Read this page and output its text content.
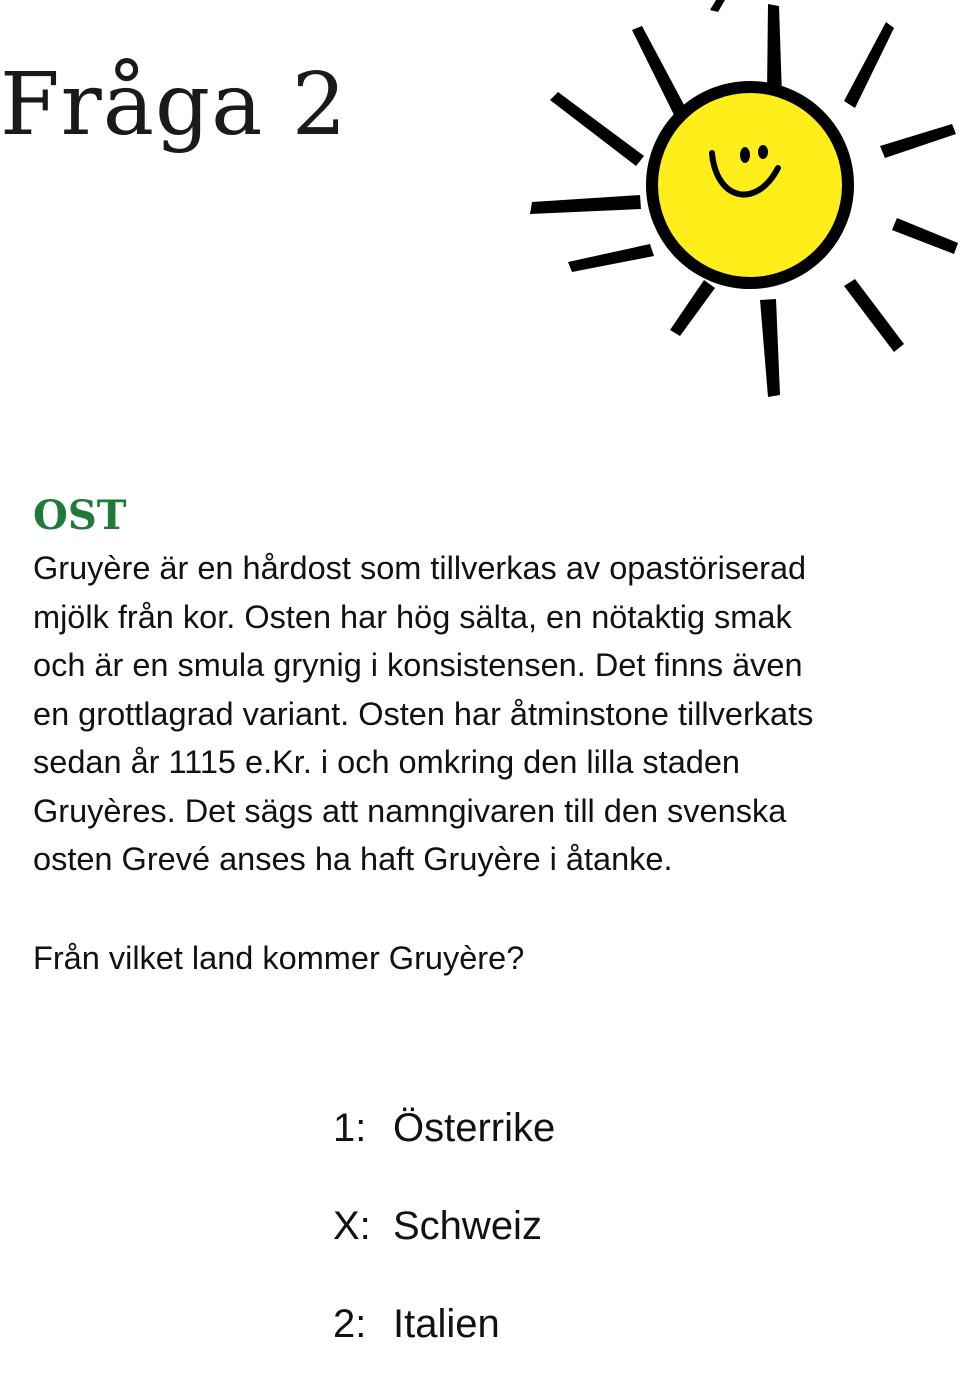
Fråga 2
OST
Gruyère är en hårdost som tillverkas av opastöriserad
mjölk från kor. Osten har hög sälta, en nötaktig smak
och är en smula grynig i konsistensen. Det finns även
en grottlagrad variant. Osten har åtminstone tillverkats
sedan år 1115 e.Kr. i och omkring den lilla staden
Gruyères. Det sägs att namngivaren till den svenska
osten Grevé anses ha haft Gruyère i åtanke.

Från vilket land kommer Gruyère?

1: Österrike
X: Schweiz
2: Italien
